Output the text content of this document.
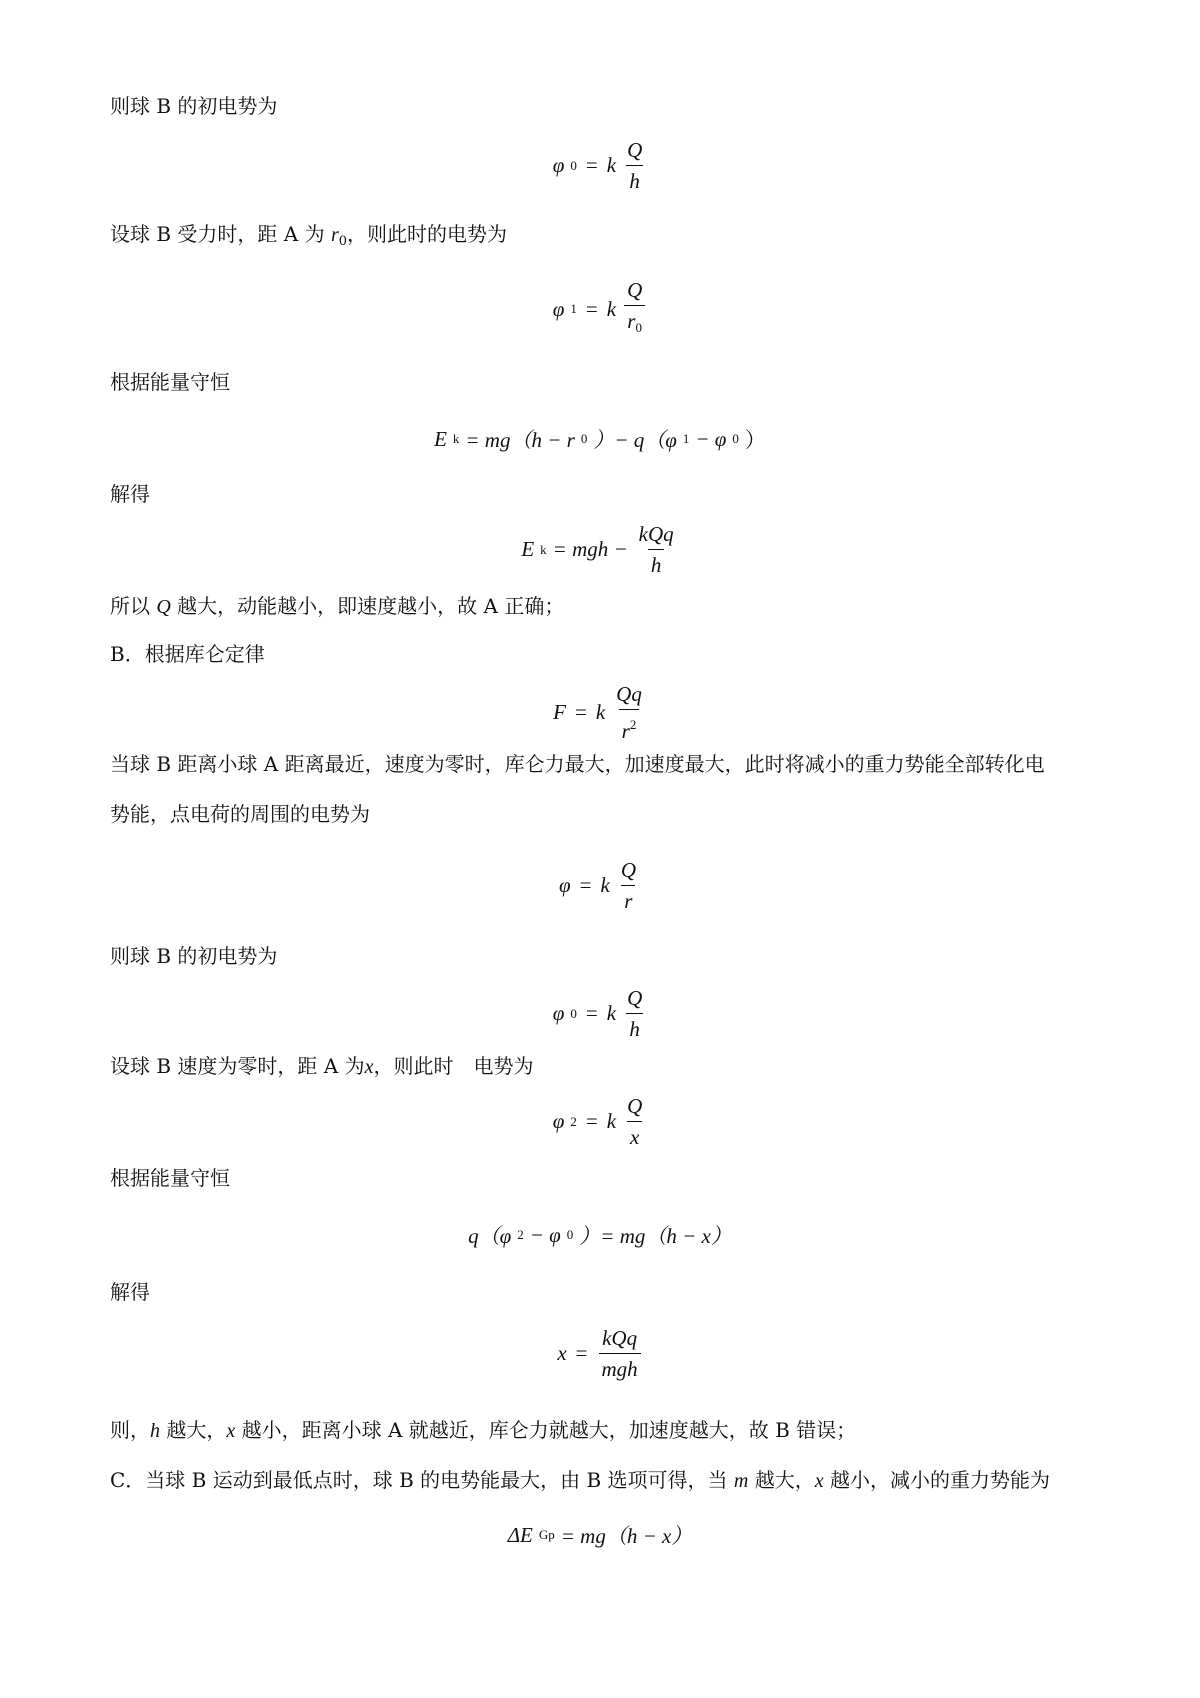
则球 B 的初电势为
φ 0 = k $\frac{Q}{h}$
设球 B 受力时，距 A 为 $r_0$，则此时的电势为
φ 1 = k $\frac{Q}{r_0}$
根据能量守恒
E k = mg（h − r 0 ）− q（φ 1 − φ 0 ）
解得
E k = mgh − $\frac{\text{kQq}}{h}$
所以 Q 越大，动能越小，即速度越小，故 A 正确；
B．根据库仑定律
F = k $\frac{Qq}{r^2}$
当球 B 距离小球 A 距离最近，速度为零时，库仑力最大，加速度最大，此时将减小的重力势能全部转化电
势能，点电荷的周围的电势为
φ = k $\frac{Q}{r}$
则球 B 的初电势为
φ 0 = k $\frac{Q}{h}$
设球 B 速度为零时，距 A 为x，则此时　电势为
φ 2 = k $\frac{Q}{x}$
根据能量守恒
q（φ 2 − φ 0 ）= mg（h − x）
解得
$x = \frac{\text{kQq}}{\text{mgh}}$
则，h 越大，x 越小，距离小球 A 就越近，库仑力就越大，加速度越大，故 B 错误；
C．当球 B 运动到最低点时，球 B 的电势能最大，由 B 选项可得，当 m 越大，x 越小，减小的重力势能为
ΔE Gp = mg（h − x）
